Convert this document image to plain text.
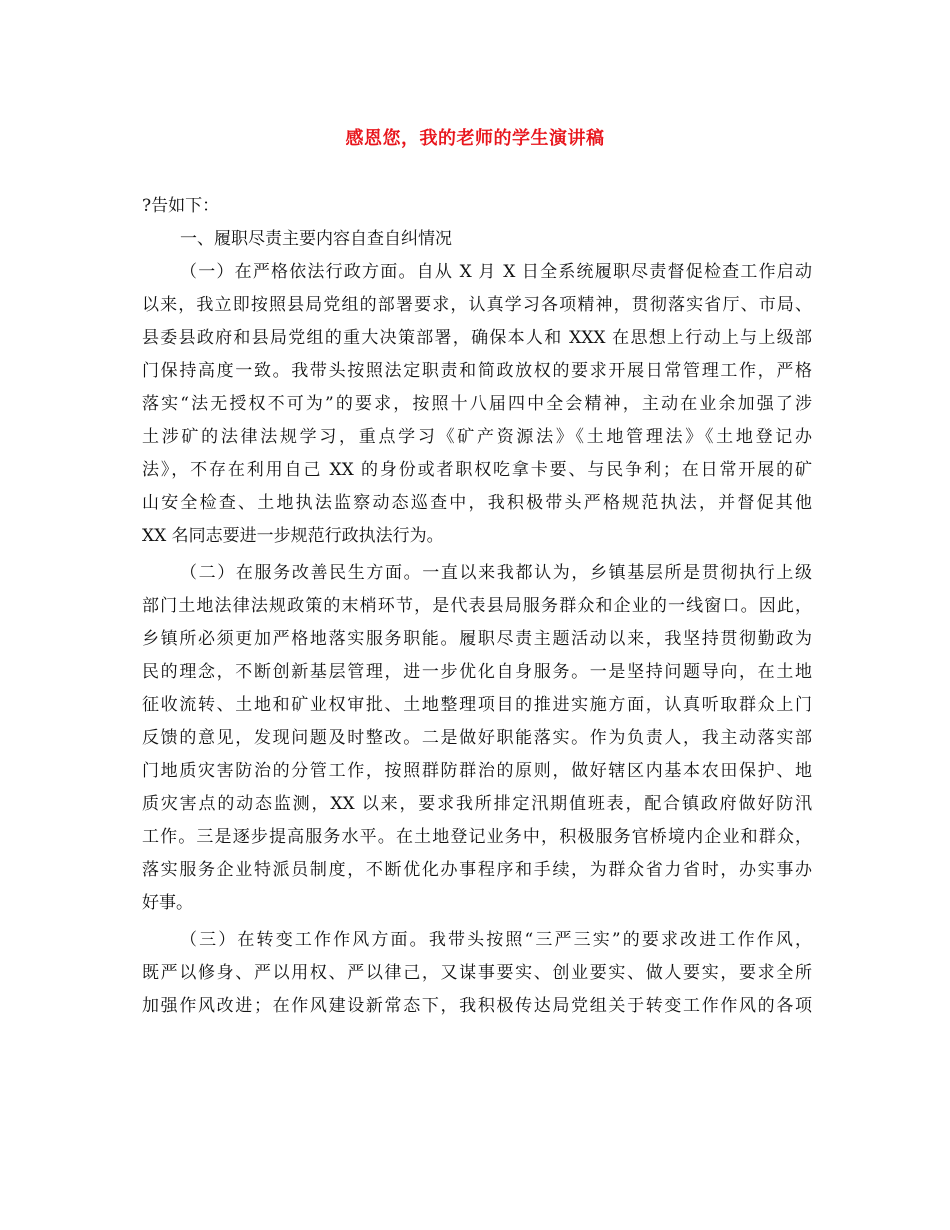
感恩您，我的老师的学生演讲稿
?告如下：
一、履职尽责主要内容自查自纠情况
（一）在严格依法行政方面。自从 X 月 X 日全系统履职尽责督促检查工作启动
以来，我立即按照县局党组的部署要求，认真学习各项精神，贯彻落实省厅、市局、
县委县政府和县局党组的重大决策部署，确保本人和 XXX 在思想上行动上与上级部
门保持高度一致。我带头按照法定职责和简政放权的要求开展日常管理工作，严格
落实“法无授权不可为”的要求，按照十八届四中全会精神，主动在业余加强了涉
土涉矿的法律法规学习，重点学习《矿产资源法》《土地管理法》《土地登记办
法》，不存在利用自己 XX 的身份或者职权吃拿卡要、与民争利；在日常开展的矿
山安全检查、土地执法监察动态巡查中，我积极带头严格规范执法，并督促其他
XX 名同志要进一步规范行政执法行为。
（二）在服务改善民生方面。一直以来我都认为，乡镇基层所是贯彻执行上级
部门土地法律法规政策的末梢环节，是代表县局服务群众和企业的一线窗口。因此，
乡镇所必须更加严格地落实服务职能。履职尽责主题活动以来，我坚持贯彻勤政为
民的理念，不断创新基层管理，进一步优化自身服务。一是坚持问题导向，在土地
征收流转、土地和矿业权审批、土地整理项目的推进实施方面，认真听取群众上门
反馈的意见，发现问题及时整改。二是做好职能落实。作为负责人，我主动落实部
门地质灾害防治的分管工作，按照群防群治的原则，做好辖区内基本农田保护、地
质灾害点的动态监测，XX 以来，要求我所排定汛期值班表，配合镇政府做好防汛
工作。三是逐步提高服务水平。在土地登记业务中，积极服务官桥境内企业和群众，
落实服务企业特派员制度，不断优化办事程序和手续，为群众省力省时，办实事办
好事。
（三）在转变工作作风方面。我带头按照“三严三实”的要求改进工作作风，
既严以修身、严以用权、严以律己，又谋事要实、创业要实、做人要实，要求全所
加强作风改进；在作风建设新常态下，我积极传达局党组关于转变工作作风的各项
